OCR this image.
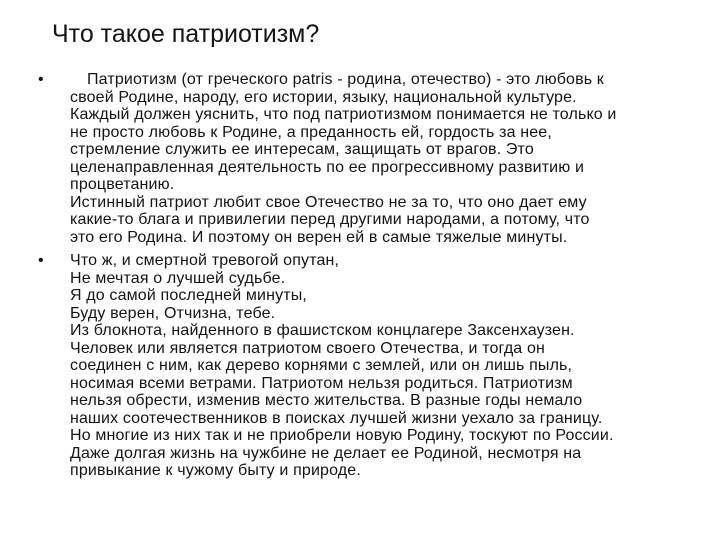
Что такое патриотизм?
•	Патриотизм (от греческого patris - родина, отечество) - это любовь к
своей Родине, народу, его истории, языку, национальной культуре.
Каждый должен уяснить, что под патриотизмом понимается не только и
не просто любовь к Родине, а преданность ей, гордость за нее,
стремление служить ее интересам, защищать от врагов. Это
целенаправленная деятельность по ее прогрессивному развитию и
процветанию.
Истинный патриот любит свое Отечество не за то, что оно дает ему
какие-то блага и привилегии перед другими народами, а потому, что
это его Родина. И поэтому он верен ей в самые тяжелые минуты.
• Что ж, и смертной тревогой опутан,
Не мечтая о лучшей судьбе.
Я до самой последней минуты,
Буду верен, Отчизна, тебе.
Из блокнота, найденного в фашистском концлагере Заксенхаузен.
Человек или является патриотом своего Отечества, и тогда он
соединен с ним, как дерево корнями с землей, или он лишь пыль,
носимая всеми ветрами. Патриотом нельзя родиться. Патриотизм
нельзя обрести, изменив место жительства. В разные годы немало
наших соотечественников в поисках лучшей жизни уехало за границу.
Но многие из них так и не приобрели новую Родину, тоскуют по России.
Даже долгая жизнь на чужбине не делает ее Родиной, несмотря на
привыкание к чужому быту и природе.
